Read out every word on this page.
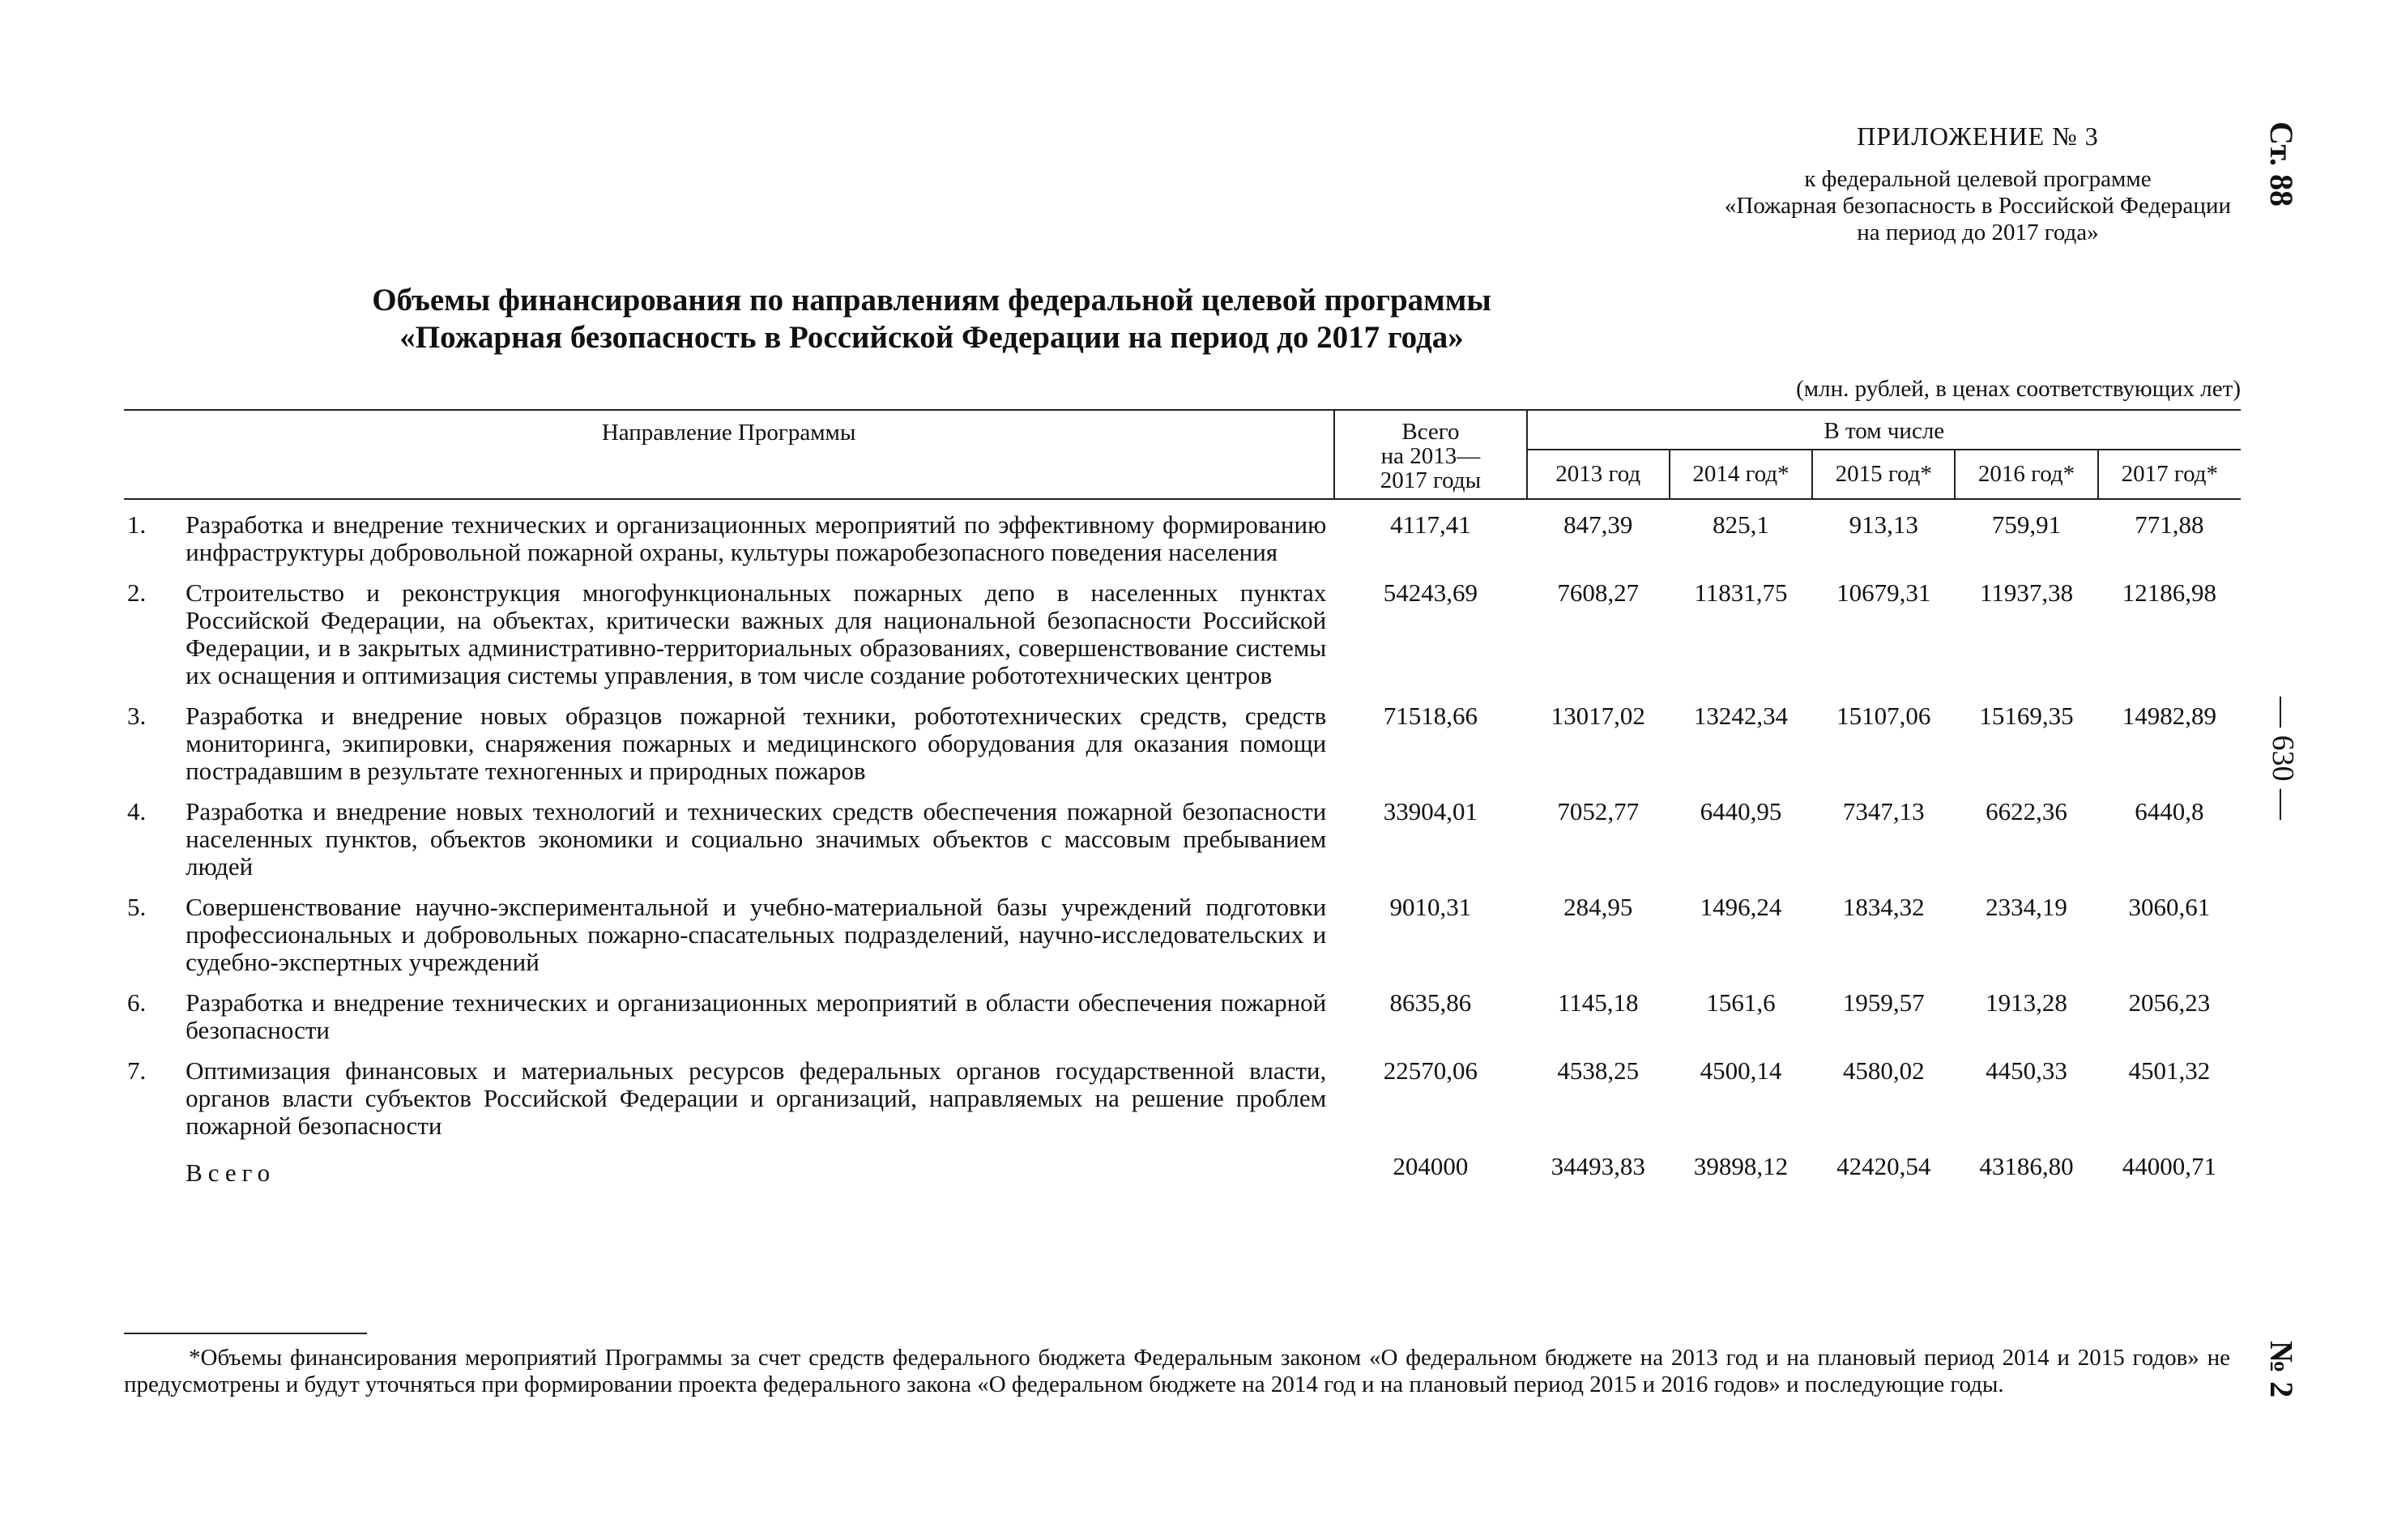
Ст. 88
— 630 —
№ 2
ПРИЛОЖЕНИЕ № 3
к федеральной целевой программе
«Пожарная безопасность в Российской Федерации
на период до 2017 года»
Объемы финансирования по направлениям федеральной целевой программы
«Пожарная безопасность в Российской Федерации на период до 2017 года»
(млн. рублей, в ценах соответствующих лет)
Направление Программы		Всего
на 2013—
2017 годы	В том числе				
			2013 год	2014 год*	2015 год*	2016 год*	2017 год*
1.	Разработка и внедрение технических и организационных мероприятий по эффективному формированию инфраструктуры добровольной пожарной охраны, культуры пожаробезопасного поведения населения	4117,41	847,39	825,1	913,13	759,91	771,88
2.	Строительство и реконструкция многофункциональных пожарных депо в населенных пунктах Российской Федерации, на объектах, критически важных для национальной безопасности Российской Федерации, и в закрытых административно-территориальных образованиях, совершенствование системы их оснащения и оптимизация системы управления, в том числе создание робототехнических центров	54243,69	7608,27	11831,75	10679,31	11937,38	12186,98
3.	Разработка и внедрение новых образцов пожарной техники, робототехнических средств, средств мониторинга, экипировки, снаряжения пожарных и медицинского оборудования для оказания помощи пострадавшим в результате техногенных и природных пожаров	71518,66	13017,02	13242,34	15107,06	15169,35	14982,89
4.	Разработка и внедрение новых технологий и технических средств обеспечения пожарной безопасности населенных пунктов, объектов экономики и социально значимых объектов с массовым пребыванием людей	33904,01	7052,77	6440,95	7347,13	6622,36	6440,8
5.	Совершенствование научно-экспериментальной и учебно-материальной базы учреждений подготовки профессиональных и добровольных пожарно-спасательных подразделений, научно-исследовательских и судебно-экспертных учреждений	9010,31	284,95	1496,24	1834,32	2334,19	3060,61
6.	Разработка и внедрение технических и организационных мероприятий в области обеспечения пожарной безопасности	8635,86	1145,18	1561,6	1959,57	1913,28	2056,23
7.	Оптимизация финансовых и материальных ресурсов федеральных органов государственной власти, органов власти субъектов Российской Федерации и организаций, направляемых на решение проблем пожарной безопасности	22570,06	4538,25	4500,14	4580,02	4450,33	4501,32
	Всего	204000	34493,83	39898,12	42420,54	43186,80	44000,71
*Объемы финансирования мероприятий Программы за счет средств федерального бюджета Федеральным законом «О федеральном бюджете на 2013 год и на плановый период 2014 и 2015 годов» не предусмотрены и будут уточняться при формировании проекта федерального закона «О федеральном бюджете на 2014 год и на плановый период 2015 и 2016 годов» и последующие годы.
